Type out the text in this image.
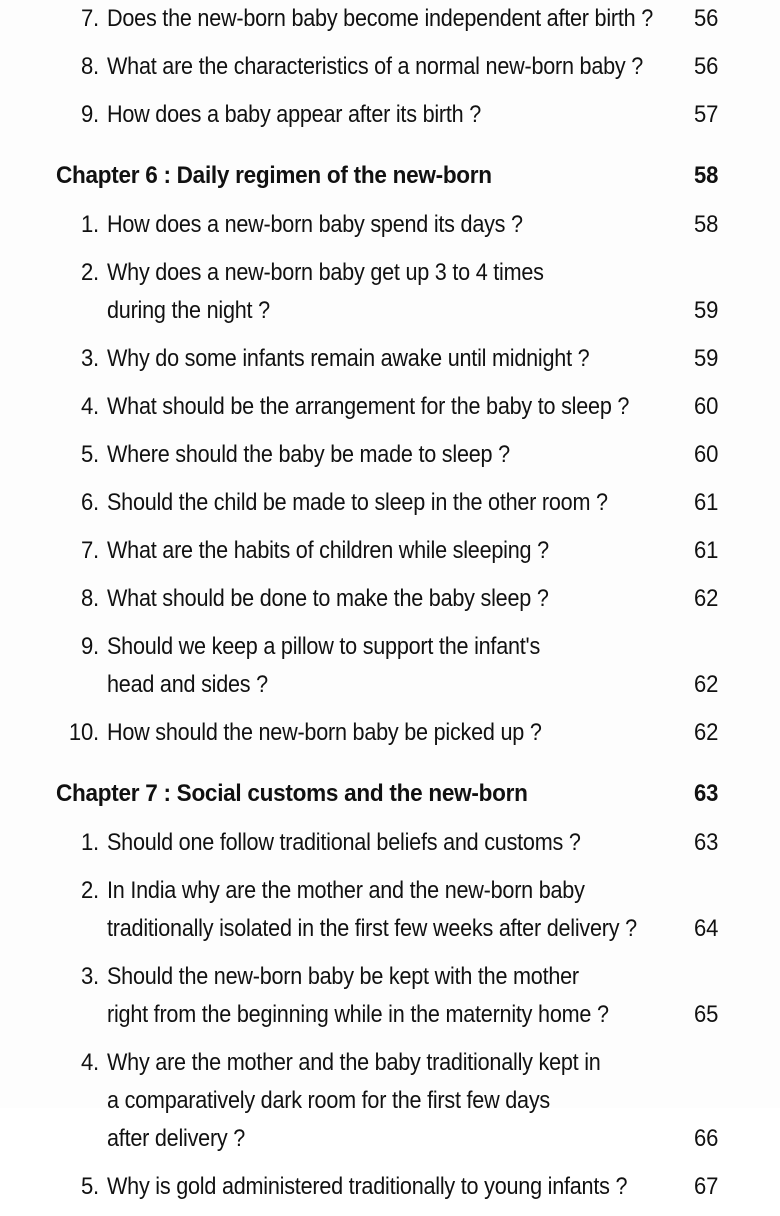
7. Does the new-born baby become independent after birth ? 56
8. What are the characteristics of a normal new-born baby ? 56
9. How does a baby appear after its birth ?	57
Chapter 6 : Daily regimen of the new-born	58
1. How does a new-born baby spend its days ?	58
2. Why does a new-born baby get up 3 to 4 times
during the night ?	59
3. Why do some infants remain awake until midnight ?	59
4. What should be the arrangement for the baby to sleep ?	60
5. Where should the baby be made to sleep ?	60
6. Should the child be made to sleep in the other room ?	61
7. What are the habits of children while sleeping ?	61
8. What should be done to make the baby sleep ?	62
9. Should we keep a pillow to support the infant's
head and sides ?	62
10. How should the new-born baby be picked up ?	62
Chapter 7 : Social customs and the new-born	63
1. Should one follow traditional beliefs and customs ?	63
2. In India why are the mother and the new-born baby
traditionally isolated in the first few weeks after delivery ? 64
3. Should the new-born baby be kept with the mother
right from the beginning while in the maternity home ?	65
4. Why are the mother and the baby traditionally kept in
a comparatively dark room for the first few days
after delivery ?	66
5. Why is gold administered traditionally to young infants ?	67
